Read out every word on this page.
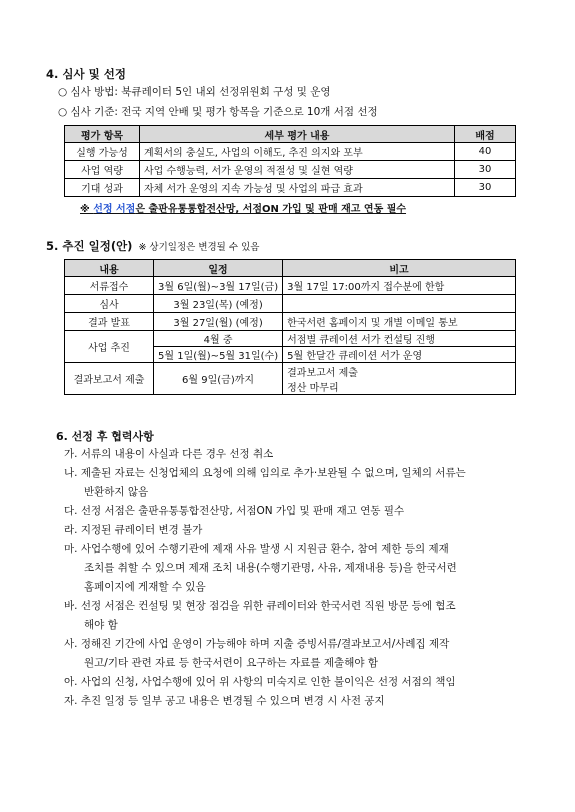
4. 심사 및 선정
○ 심사 방법: 북큐레이터 5인 내외 선정위원회 구성 및 운영
○ 심사 기준: 전국 지역 안배 및 평가 항목을 기준으로 10개 서점 선정
평가 항목	세부 평가 내용	배점
실행 가능성	계획서의 충실도, 사업의 이해도, 추진 의지와 포부	40
사업 역량	사업 수행능력, 서가 운영의 적절성 및 실현 역량	30
기대 성과	자체 서가 운영의 지속 가능성 및 사업의 파급 효과	30
※ 선정 서점은 출판유통통합전산망, 서점ON 가입 및 판매 재고 연동 필수
5. 추진 일정(안) ※ 상기일정은 변경될 수 있음
내용	일정	비고
서류접수	3월 6일(월)~3월 17일(금)	3월 17일 17:00까지 접수분에 한함
심사	3월 23일(목) (예정)	
결과 발표	3월 27일(월) (예정)	한국서련 홈페이지 및 개별 이메일 통보
사업 추진	4월 중	서점별 큐레이션 서가 컨설팅 진행
	5월 1일(월)~5월 31일(수)	5월 한달간 큐레이션 서가 운영
결과보고서 제출	6월 9일(금)까지	결과보고서 제출
정산 마무리
6. 선정 후 협력사항
가. 서류의 내용이 사실과 다른 경우 선정 취소
나. 제출된 자료는 신청업체의 요청에 의해 임의로 추가·보완될 수 없으며, 일체의 서류는
반환하지 않음
다. 선정 서점은 출판유통통합전산망, 서점ON 가입 및 판매 재고 연동 필수
라. 지정된 큐레이터 변경 불가
마. 사업수행에 있어 수행기관에 제재 사유 발생 시 지원금 환수, 참여 제한 등의 제재
조치를 취할 수 있으며 제재 조치 내용(수행기관명, 사유, 제재내용 등)을 한국서련
홈페이지에 게재할 수 있음
바. 선정 서점은 컨설팅 및 현장 점검을 위한 큐레이터와 한국서련 직원 방문 등에 협조
해야 함
사. 정해진 기간에 사업 운영이 가능해야 하며 지출 증빙서류/결과보고서/사례집 제작
원고/기타 관련 자료 등 한국서련이 요구하는 자료를 제출해야 함
아. 사업의 신청, 사업수행에 있어 위 사항의 미숙지로 인한 불이익은 선정 서점의 책임
자. 추진 일정 등 일부 공고 내용은 변경될 수 있으며 변경 시 사전 공지
